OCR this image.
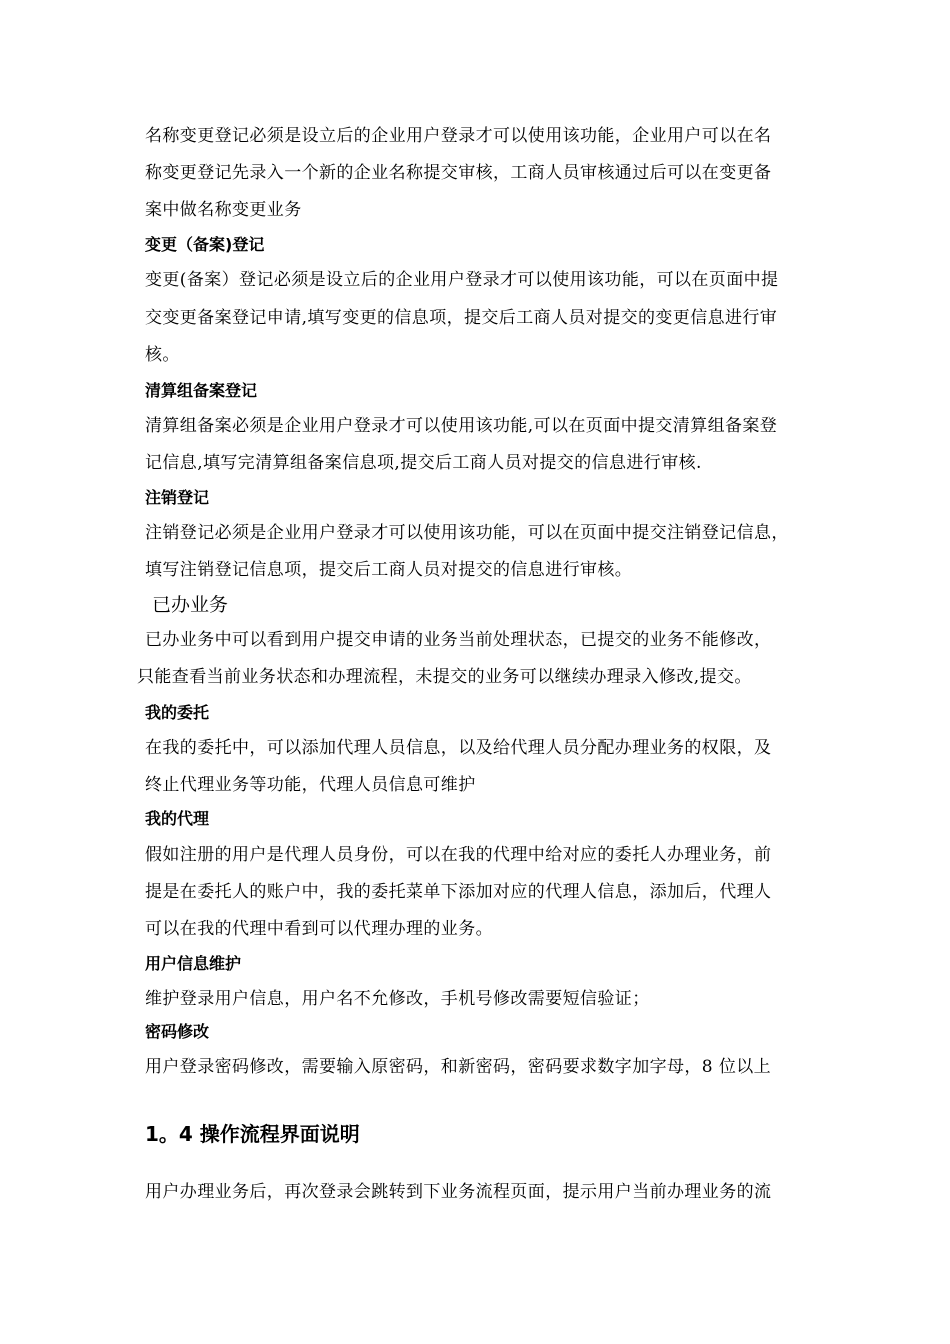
名称变更登记必须是设立后的企业用户登录才可以使用该功能，企业用户可以在名
称变更登记先录入一个新的企业名称提交审核，工商人员审核通过后可以在变更备
案中做名称变更业务
变更（备案)登记
变更(备案）登记必须是设立后的企业用户登录才可以使用该功能，可以在页面中提
交变更备案登记申请,填写变更的信息项，提交后工商人员对提交的变更信息进行审
核。
清算组备案登记
清算组备案必须是企业用户登录才可以使用该功能,可以在页面中提交清算组备案登
记信息,填写完清算组备案信息项,提交后工商人员对提交的信息进行审核.
注销登记
注销登记必须是企业用户登录才可以使用该功能，可以在页面中提交注销登记信息，
填写注销登记信息项，提交后工商人员对提交的信息进行审核。
已办业务
已办业务中可以看到用户提交申请的业务当前处理状态，已提交的业务不能修改，
只能查看当前业务状态和办理流程，未提交的业务可以继续办理录入修改,提交。
我的委托
在我的委托中，可以添加代理人员信息，以及给代理人员分配办理业务的权限，及
终止代理业务等功能，代理人员信息可维护
我的代理
假如注册的用户是代理人员身份，可以在我的代理中给对应的委托人办理业务，前
提是在委托人的账户中，我的委托菜单下添加对应的代理人信息，添加后，代理人
可以在我的代理中看到可以代理办理的业务。
用户信息维护
维护登录用户信息，用户名不允修改，手机号修改需要短信验证；
密码修改
用户登录密码修改，需要输入原密码，和新密码，密码要求数字加字母，8 位以上
1。4 操作流程界面说明
用户办理业务后，再次登录会跳转到下业务流程页面，提示用户当前办理业务的流
